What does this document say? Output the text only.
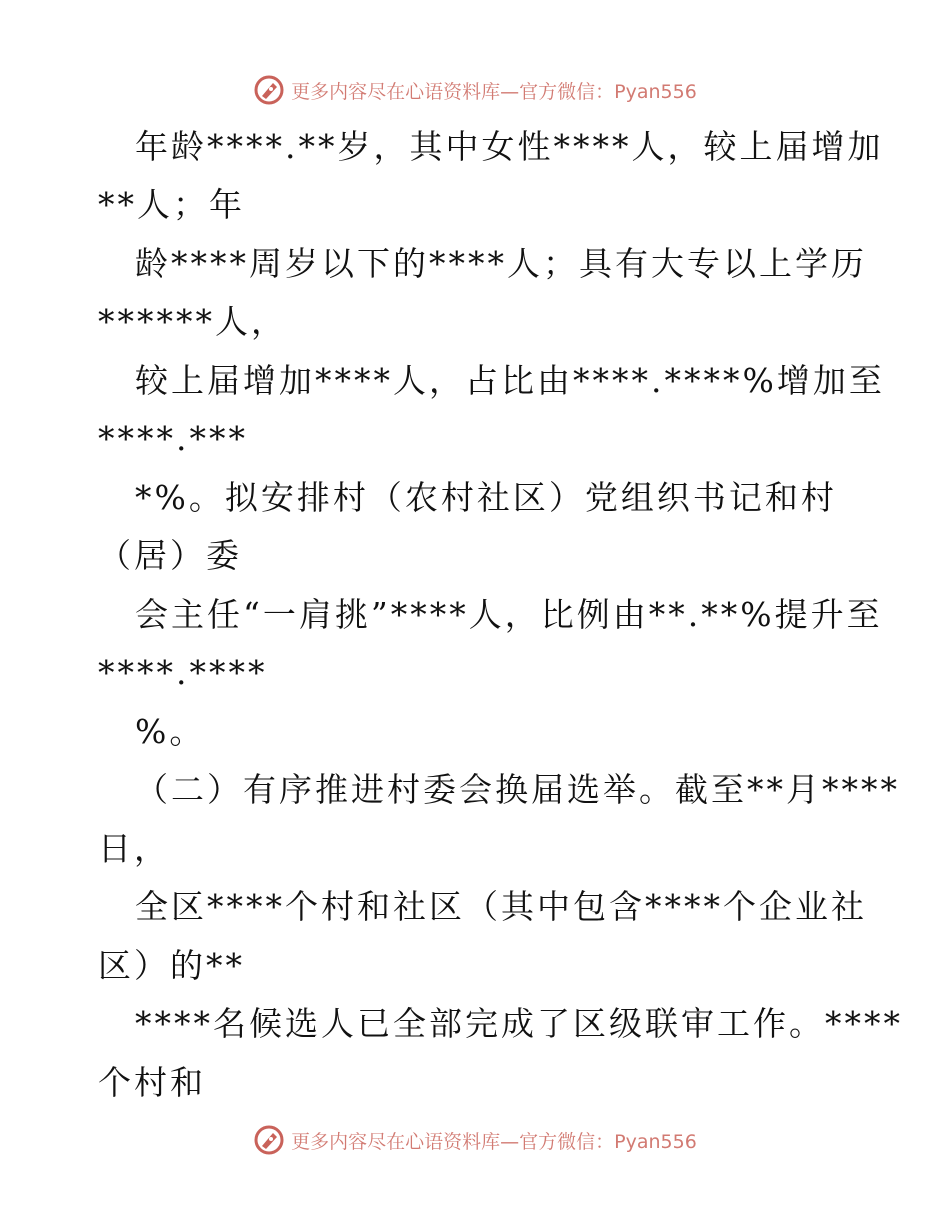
更多内容尽在心语资料库—官方微信：Pyan556
年龄****.**岁，其中女性****人，较上届增加
**人；年
龄****周岁以下的****人；具有大专以上学历
******人，
较上届增加****人，占比由****.****%增加至
****.***
*%。拟安排村（农村社区）党组织书记和村
（居）委
会主任“一肩挑”****人，比例由**.**%提升至
****.****
%。
（二）有序推进村委会换届选举。截至**月****
日，
全区****个村和社区（其中包含****个企业社
区）的**
****名候选人已全部完成了区级联审工作。****
个村和
更多内容尽在心语资料库—官方微信：Pyan556
